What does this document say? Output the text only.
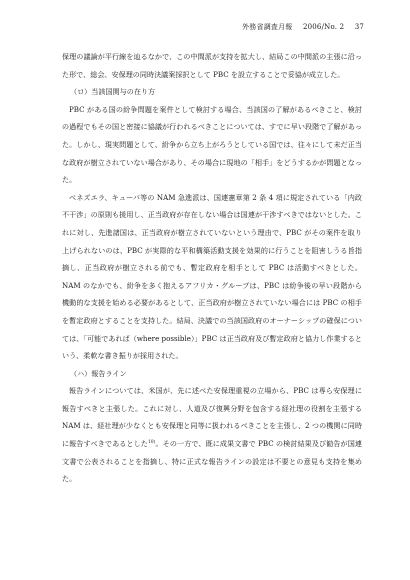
外務省調査月報 2006/No. 2 37

保理の議論が平行線を辿るなかで、この中間派が支持を拡大し、結局この中間派の主張に沿った形で、総会、安保理の同時決議案採択として PBC を設立することで妥協が成立した。

（ロ）当該国関与の在り方

PBC がある国の紛争問題を案件として検討する場合、当該国の了解があるべきこと、検討の過程でもその国と密接に協議が行われるべきことについては、すでに早い段階で了解があった。しかし、現実問題として、紛争から立ち上がろうとしている国では、往々にして未だ正当な政府が樹立されていない場合があり、その場合に現地の「相手」をどうするかが問題となった。

ベネズエラ、キューバ等の NAM 急進派は、国連憲章第 2 条 4 項に規定されている「内政不干渉」の原則も援用し、正当政府が存在しない場合は国連が干渉すべきではないとした。これに対し、先進諸国は、正当政府が樹立されていないという理由で、PBC がその案件を取り上げられないのは、PBC が実際的な平和構築活動支援を効果的に行うことを阻害しうる旨指摘し、正当政府が樹立される前でも、暫定政府を相手として PBC は活動すべきとした。NAM のなかでも、紛争を多く抱えるアフリカ・グループは、PBC は紛争後の早い段階から機動的な支援を始める必要があるとして、正当政府が樹立されていない場合には PBC の相手を暫定政府とすることを支持した。結局、決議での当該国政府のオーナーシップの確保については、「可能であれば（where possible）」PBC は正当政府及び暫定政府と協力し作業するという、柔軟な書き振りが採用された。

（ハ）報告ライン

報告ラインについては、米国が、先に述べた安保理重視の立場から、PBC は専ら安保理に報告すべきと主張した。これに対し、人道及び復興分野を包含する経社理の役割を主張する NAM は、経社理が少なくとも安保理と同等に扱われるべきことを主張し、2 つの機関に同時に報告すべきであるとした$^{10)}$。その一方で、既に成果文書で PBC の検討結果及び勧告が国連文書で公表されることを指摘し、特に正式な報告ラインの設定は不要との意見も支持を集めた。
